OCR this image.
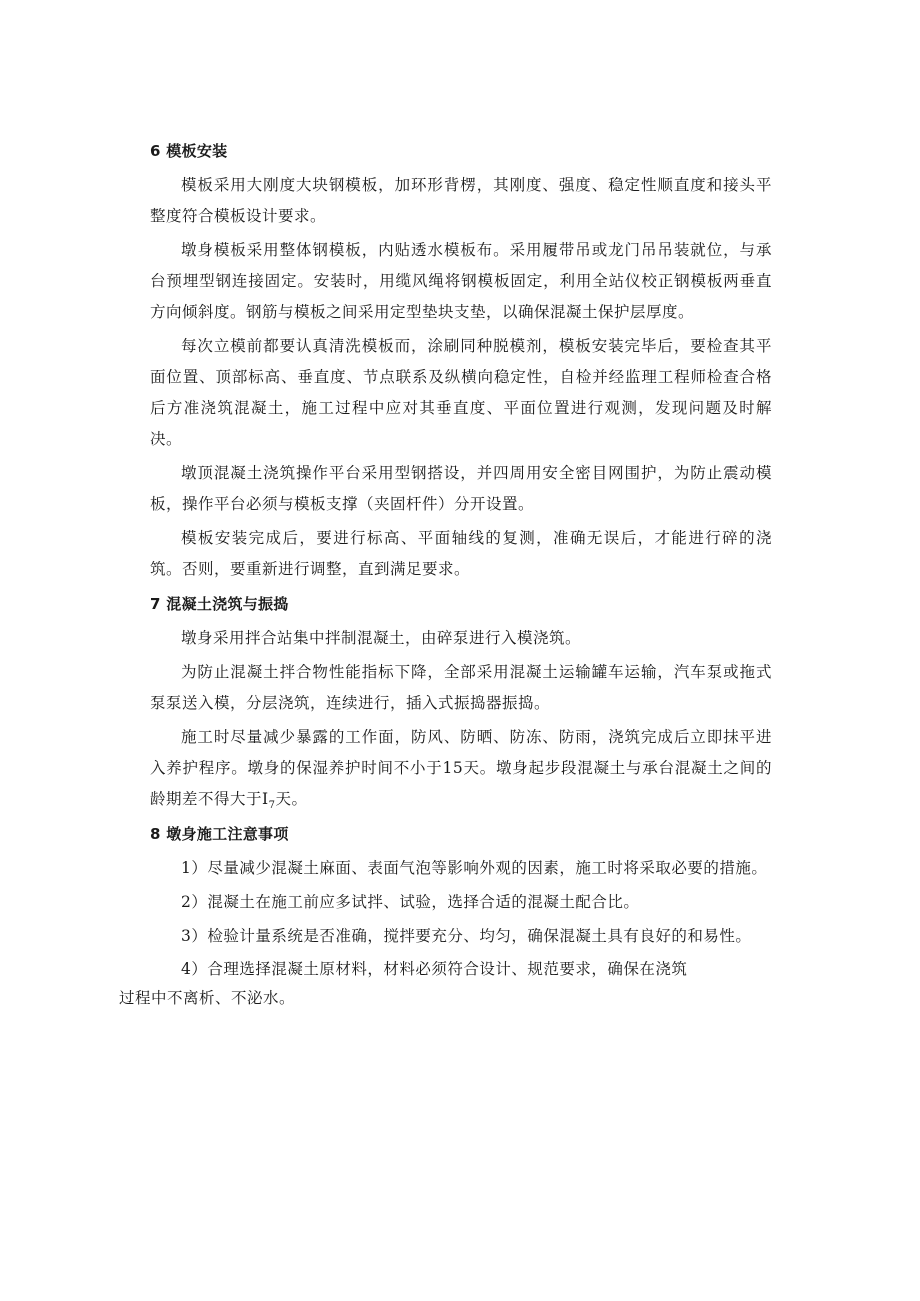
6 模板安装

模板采用大刚度大块钢模板，加环形背楞，其刚度、强度、稳定性顺直度和接头平整度符合模板设计要求。

墩身模板采用整体钢模板，内贴透水模板布。采用履带吊或龙门吊吊装就位，与承台预埋型钢连接固定。安装时，用缆风绳将钢模板固定，利用全站仪校正钢模板两垂直方向倾斜度。钢筋与模板之间采用定型垫块支垫，以确保混凝土保护层厚度。

每次立模前都要认真清洗模板而，涂刷同种脱模剂，模板安装完毕后，要检查其平面位置、顶部标高、垂直度、节点联系及纵横向稳定性，自检并经监理工程师检查合格后方准浇筑混凝土，施工过程中应对其垂直度、平面位置进行观测，发现问题及时解决。

墩顶混凝土浇筑操作平台采用型钢搭设，并四周用安全密目网围护，为防止震动模板，操作平台必须与模板支撑（夹固杆件）分开设置。

模板安装完成后，要进行标高、平面轴线的复测，准确无误后，才能进行碎的浇筑。否则，要重新进行调整，直到满足要求。

7 混凝土浇筑与振捣

墩身采用拌合站集中拌制混凝土，由碎泵进行入模浇筑。

为防止混凝土拌合物性能指标下降，全部采用混凝土运输罐车运输，汽车泵或拖式泵泵送入模，分层浇筑，连续进行，插入式振捣器振捣。

施工时尽量减少暴露的工作面，防风、防晒、防冻、防雨，浇筑完成后立即抹平进入养护程序。墩身的保湿养护时间不小于15天。墩身起步段混凝土与承台混凝土之间的龄期差不得大于$I_7$天。

8 墩身施工注意事项

1）尽量减少混凝土麻面、表面气泡等影响外观的因素，施工时将采取必要的措施。

2）混凝土在施工前应多试拌、试验，选择合适的混凝土配合比。

3）检验计量系统是否准确，搅拌要充分、均匀，确保混凝土具有良好的和易性。

4）合理选择混凝土原材料，材料必须符合设计、规范要求，确保在浇筑
过程中不离析、不泌水。
